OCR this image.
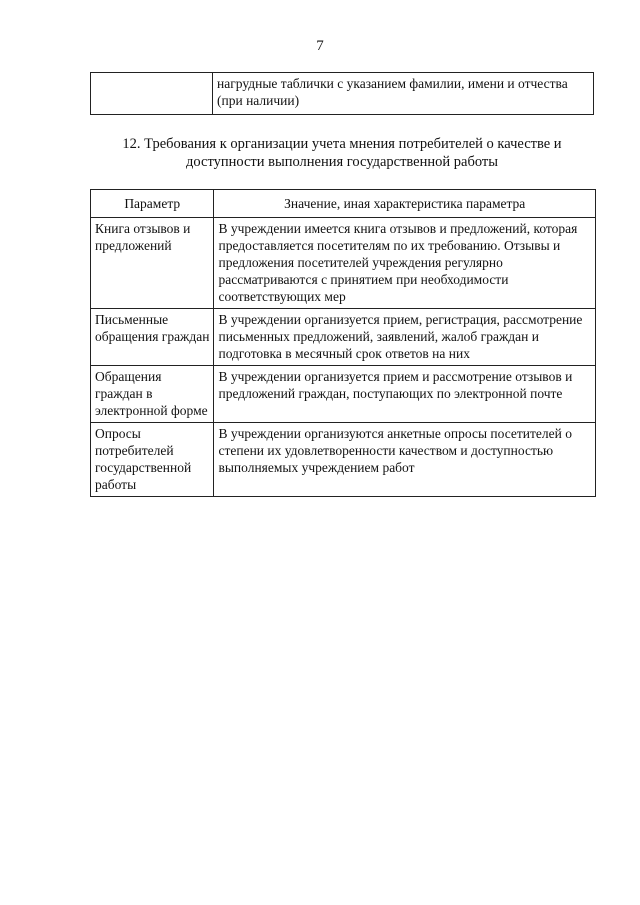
7
	нагрудные таблички с указанием фамилии, имени и отчества (при наличии)
12. Требования к организации учета мнения потребителей о качестве и доступности выполнения государственной работы
Параметр	Значение, иная характеристика параметра
Книга отзывов и предложений	В учреждении имеется книга отзывов и предложений, которая предоставляется посетителям по их требованию. Отзывы и предложения посетителей учреждения регулярно рассматриваются с принятием при необходимости соответствующих мер
Письменные обращения граждан	В учреждении организуется прием, регистрация, рассмотрение письменных предложений, заявлений, жалоб граждан и подготовка в месячный срок ответов на них
Обращения граждан в электронной форме	В учреждении организуется прием и рассмотрение отзывов и предложений граждан, поступающих по электронной почте
Опросы потребителей государственной работы	В учреждении организуются анкетные опросы посетителей о степени их удовлетворенности качеством и доступностью выполняемых учреждением работ
